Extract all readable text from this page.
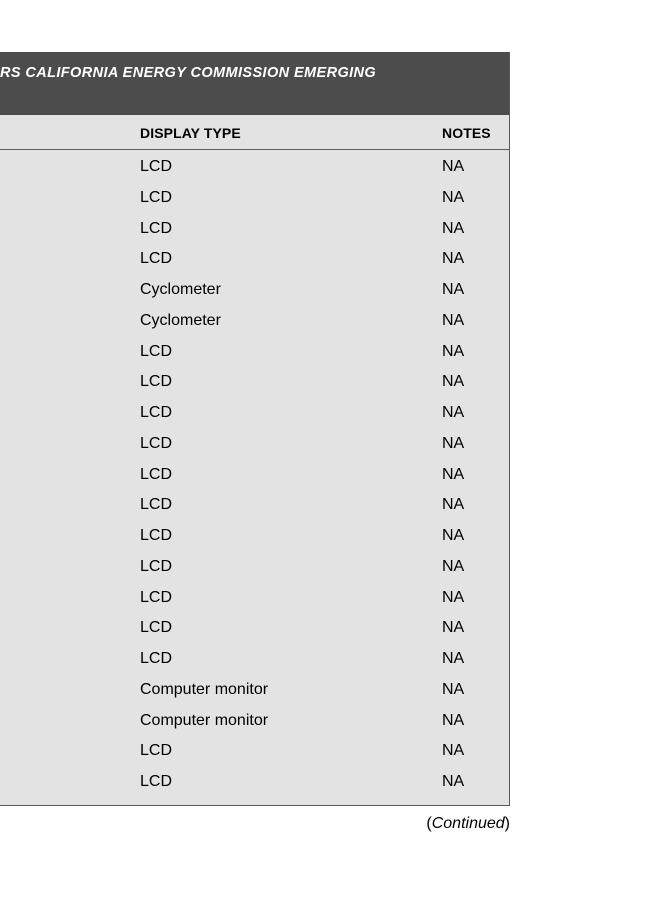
RS CALIFORNIA ENERGY COMMISSION EMERGING
DISPLAY TYPE	NOTES
LCD	NA
LCD	NA
LCD	NA
LCD	NA
Cyclometer	NA
Cyclometer	NA
LCD	NA
LCD	NA
LCD	NA
LCD	NA
LCD	NA
LCD	NA
LCD	NA
LCD	NA
LCD	NA
LCD	NA
LCD	NA
Computer monitor	NA
Computer monitor	NA
LCD	NA
LCD	NA
(Continued)
